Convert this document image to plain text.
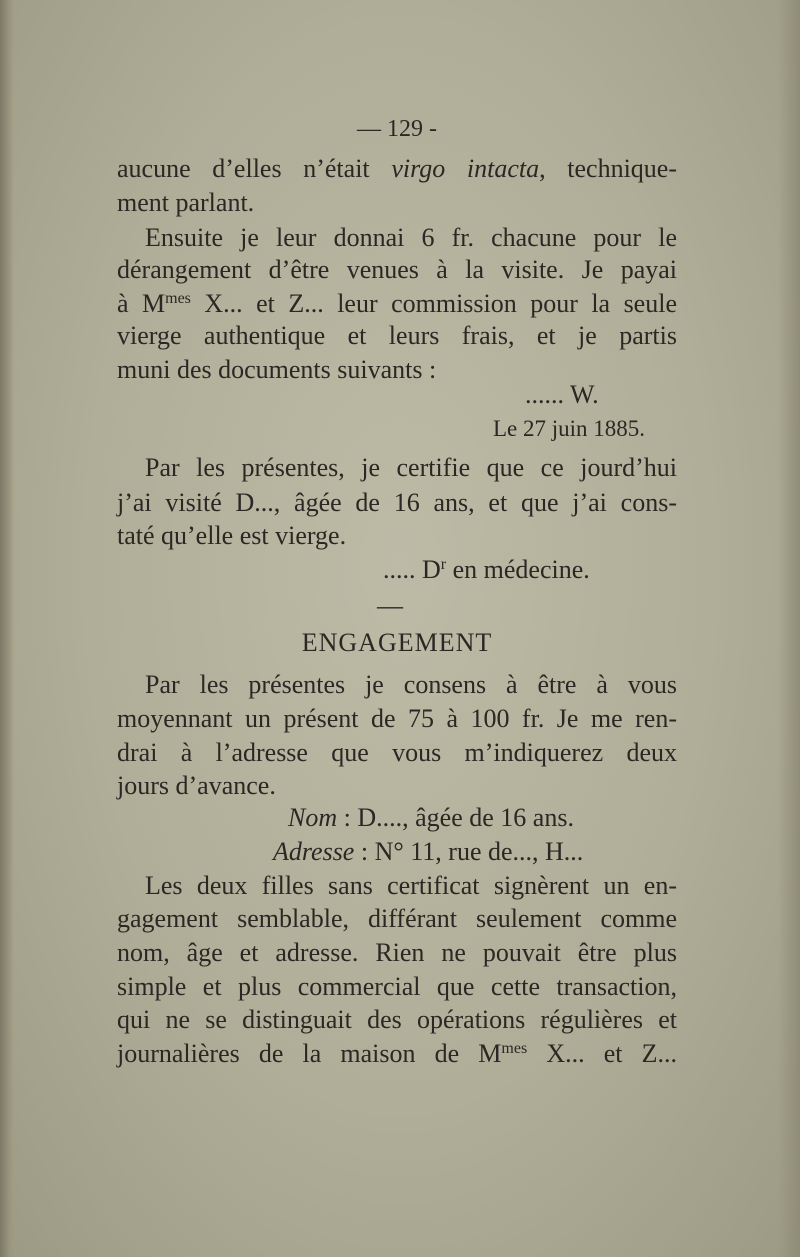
— 129 -
aucune d’elles n’était virgo intacta, technique-
ment parlant.
Ensuite je leur donnai 6 fr. chacune pour le
dérangement d’être venues à la visite. Je payai
à $M^{mes}$ X... et Z... leur commission pour la seule
vierge authentique et leurs frais, et je partis
muni des documents suivants :
...... W.
Le 27 juin 1885.
Par les présentes, je certifie que ce jourd’hui
j’ai visité D..., âgée de 16 ans, et que j’ai cons-
taté qu’elle est vierge.
..... $D^r$ en médecine.
—
ENGAGEMENT
Par les présentes je consens à être à vous
moyennant un présent de 75 à 100 fr. Je me ren-
drai à l’adresse que vous m’indiquerez deux
jours d’avance.
Nom : D...., âgée de 16 ans.
Adresse : N° 11, rue de..., H...
Les deux filles sans certificat signèrent un en-
gagement semblable, différant seulement comme
nom, âge et adresse. Rien ne pouvait être plus
simple et plus commercial que cette transaction,
qui ne se distinguait des opérations régulières et
journalières de la maison de $M^{mes}$ X... et Z...
